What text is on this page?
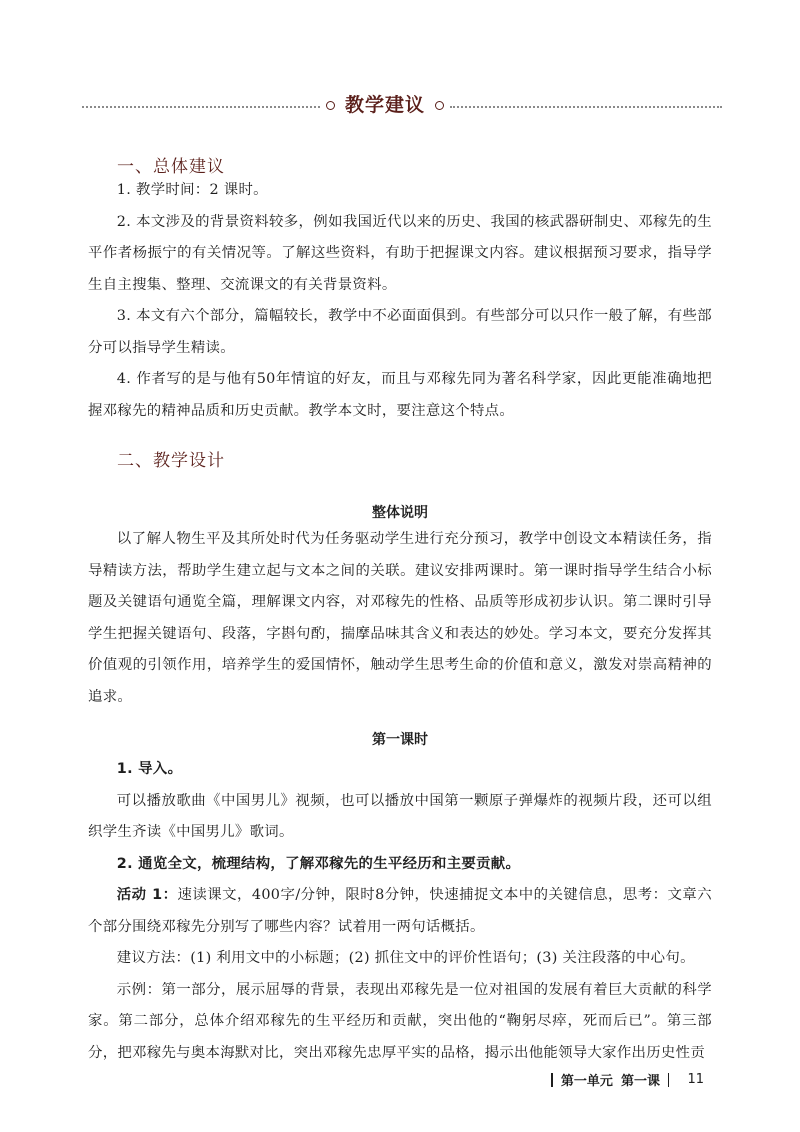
教学建议
一、总体建议

1. 教学时间：2 课时。

2. 本文涉及的背景资料较多，例如我国近代以来的历史、我国的核武器研制史、邓稼先的生平作者杨振宁的有关情况等。了解这些资料，有助于把握课文内容。建议根据预习要求，指导学生自主搜集、整理、交流课文的有关背景资料。

3. 本文有六个部分，篇幅较长，教学中不必面面俱到。有些部分可以只作一般了解，有些部分可以指导学生精读。

4. 作者写的是与他有50年情谊的好友，而且与邓稼先同为著名科学家，因此更能准确地把握邓稼先的精神品质和历史贡献。教学本文时，要注意这个特点。

二、教学设计
整体说明

以了解人物生平及其所处时代为任务驱动学生进行充分预习，教学中创设文本精读任务，指导精读方法，帮助学生建立起与文本之间的关联。建议安排两课时。第一课时指导学生结合小标题及关键语句通览全篇，理解课文内容，对邓稼先的性格、品质等形成初步认识。第二课时引导学生把握关键语句、段落，字斟句酌，揣摩品味其含义和表达的妙处。学习本文，要充分发挥其价值观的引领作用，培养学生的爱国情怀，触动学生思考生命的价值和意义，激发对崇高精神的追求。

第一课时

1. 导入。

可以播放歌曲《中国男儿》视频，也可以播放中国第一颗原子弹爆炸的视频片段，还可以组织学生齐读《中国男儿》歌词。

2. 通览全文，梳理结构，了解邓稼先的生平经历和主要贡献。

活动 1：速读课文，400字/分钟，限时8分钟，快速捕捉文本中的关键信息，思考：文章六个部分围绕邓稼先分别写了哪些内容？试着用一两句话概括。

建议方法：(1) 利用文中的小标题；(2) 抓住文中的评价性语句；(3) 关注段落的中心句。

示例：第一部分，展示屈辱的背景，表现出邓稼先是一位对祖国的发展有着巨大贡献的科学家。第二部分，总体介绍邓稼先的生平经历和贡献，突出他的“鞠躬尽瘁，死而后已”。第三部分，把邓稼先与奥本海默对比，突出邓稼先忠厚平实的品格，揭示出他能领导大家作出历史性贡

第一单元 第一课 11
